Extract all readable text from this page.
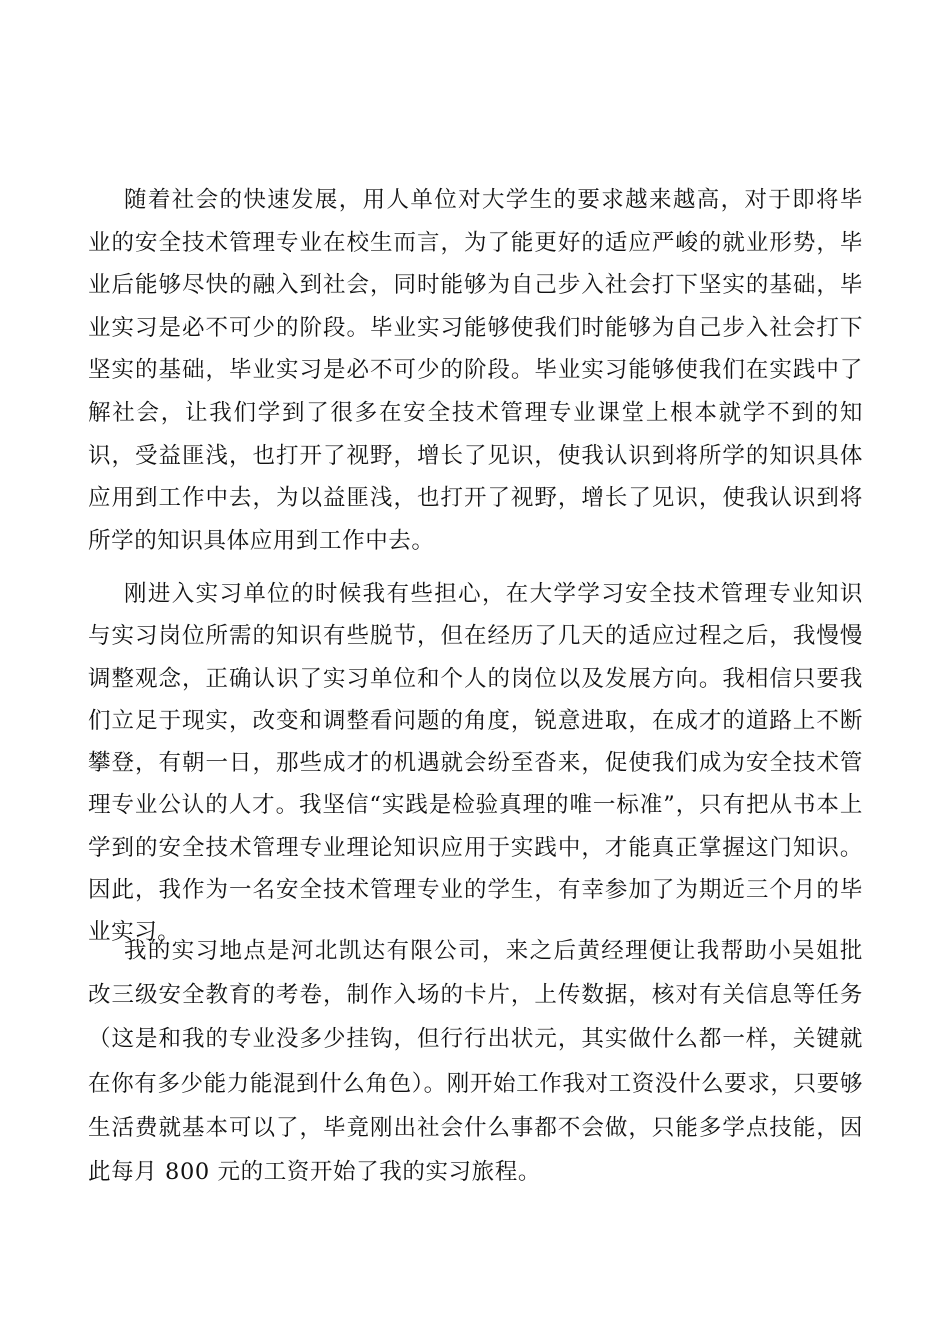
随着社会的快速发展，用人单位对大学生的要求越来越高，对于即将毕业的安全技术管理专业在校生而言，为了能更好的适应严峻的就业形势，毕业后能够尽快的融入到社会，同时能够为自己步入社会打下坚实的基础，毕业实习是必不可少的阶段。毕业实习能够使我们时能够为自己步入社会打下坚实的基础，毕业实习是必不可少的阶段。毕业实习能够使我们在实践中了解社会，让我们学到了很多在安全技术管理专业课堂上根本就学不到的知识，受益匪浅，也打开了视野，增长了见识，使我认识到将所学的知识具体应用到工作中去，为以益匪浅，也打开了视野，增长了见识，使我认识到将所学的知识具体应用到工作中去。

刚进入实习单位的时候我有些担心，在大学学习安全技术管理专业知识与实习岗位所需的知识有些脱节，但在经历了几天的适应过程之后，我慢慢调整观念，正确认识了实习单位和个人的岗位以及发展方向。我相信只要我们立足于现实，改变和调整看问题的角度，锐意进取，在成才的道路上不断攀登，有朝一日，那些成才的机遇就会纷至沓来，促使我们成为安全技术管理专业公认的人才。我坚信“实践是检验真理的唯一标准”，只有把从书本上学到的安全技术管理专业理论知识应用于实践中，才能真正掌握这门知识。因此，我作为一名安全技术管理专业的学生，有幸参加了为期近三个月的毕业实习。

我的实习地点是河北凯达有限公司，来之后黄经理便让我帮助小吴姐批改三级安全教育的考卷，制作入场的卡片，上传数据，核对有关信息等任务（这是和我的专业没多少挂钩，但行行出状元，其实做什么都一样，关键就在你有多少能力能混到什么角色）。刚开始工作我对工资没什么要求，只要够生活费就基本可以了，毕竟刚出社会什么事都不会做，只能多学点技能，因此每月 800 元的工资开始了我的实习旅程。
